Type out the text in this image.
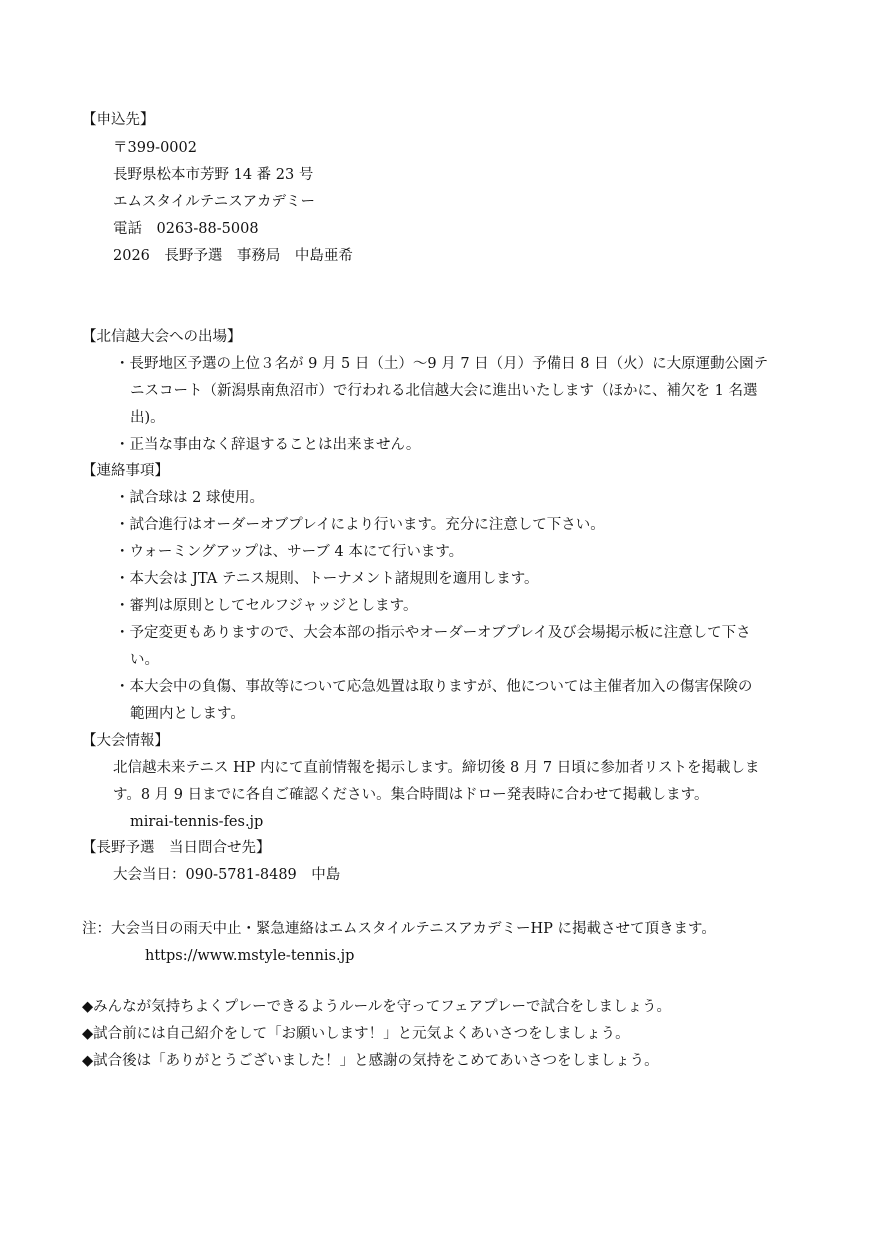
【申込先】
〒399-0002
長野県松本市芳野 14 番 23 号
エムスタイルテニスアカデミー
電話　0263-88-5008
2026　長野予選　事務局　中島亜希
【北信越大会への出場】
・長野地区予選の上位３名が 9 月 5 日（土）～9 月 7 日（月）予備日 8 日（火）に大原運動公園テ
ニスコート（新潟県南魚沼市）で行われる北信越大会に進出いたします（ほかに、補欠を 1 名選
出)。
・正当な事由なく辞退することは出来ません。
【連絡事項】
・試合球は 2 球使用。
・試合進行はオーダーオブプレイにより行います。充分に注意して下さい。
・ウォーミングアップは、サーブ 4 本にて行います。
・本大会は JTA テニス規則、トーナメント諸規則を適用します。
・審判は原則としてセルフジャッジとします。
・予定変更もありますので、大会本部の指示やオーダーオブプレイ及び会場掲示板に注意して下さ
い。
・本大会中の負傷、事故等について応急処置は取りますが、他については主催者加入の傷害保険の
範囲内とします。
【大会情報】
北信越未来テニス HP 内にて直前情報を掲示します。締切後 8 月 7 日頃に参加者リストを掲載しま
す。8 月 9 日までに各自ご確認ください。集合時間はドロー発表時に合わせて掲載します。
mirai-tennis-fes.jp
【長野予選　当日問合せ先】
大会当日：090-5781-8489　中島
注：大会当日の雨天中止・緊急連絡はエムスタイルテニスアカデミーHP に掲載させて頂きます。
https://www.mstyle-tennis.jp
◆みんなが気持ちよくプレーできるようルールを守ってフェアプレーで試合をしましょう。
◆試合前には自己紹介をして「お願いします！」と元気よくあいさつをしましょう。
◆試合後は「ありがとうございました！」と感謝の気持をこめてあいさつをしましょう。
